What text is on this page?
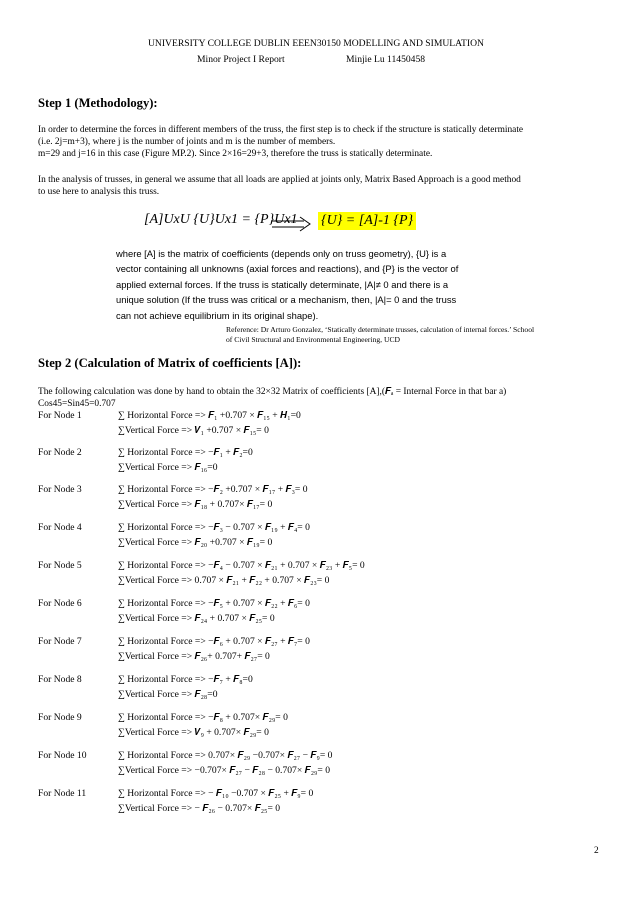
UNIVERSITY COLLEGE DUBLIN EEEN30150 MODELLING AND SIMULATION
Minor Project I Report	Minjie Lu 11450458
Step 1 (Methodology):
In order to determine the forces in different members of the truss, the first step is to check if the structure is statically determinate
(i.e. 2j=m+3), where j is the number of joints and m is the number of members.
m=29 and j=16 in this case (Figure MP.2). Since 2×16=29+3, therefore the truss is statically determinate.
In the analysis of trusses, in general we assume that all loads are applied at joints only, Matrix Based Approach is a good method
to use here to analysis this truss.
[A]UxU {U}Ux1 = {P}Ux1 {U} = [A]-1 {P}
where [A] is the matrix of coefficients (depends only on truss geometry), {U} is a
vector containing all unknowns (axial forces and reactions), and {P} is the vector of
applied external forces. If the truss is statically determinate, |A|≠ 0 and there is a
unique solution (If the truss was critical or a mechanism, then, |A|= 0 and the truss
can not achieve equilibrium in its original shape).
Reference: Dr Arturo Gonzalez, ‘Statically determinate trusses, calculation of internal forces.’ School
of Civil Structural and Environmental Engineering, UCD
Step 2 (Calculation of Matrix of coefficients [A]):
The following calculation was done by hand to obtain the 32×32 Matrix of coefficients [A],(𝑭ₐ = Internal Force in that bar a)
Cos45=Sin45=0.707
For Node 1	∑ Horizontal Force => 𝑭₁ +0.707 × 𝑭₁₅ + 𝑯₁=0
∑Vertical Force => 𝑽₁ +0.707 × 𝑭₁₅= 0
For Node 2	∑ Horizontal Force => −𝑭₁ + 𝑭₂=0
∑Vertical Force => 𝑭₁₆=0
For Node 3	∑ Horizontal Force => −𝑭₂ +0.707 × 𝑭₁₇ + 𝑭₃= 0
∑Vertical Force => 𝑭₁₈ + 0.707× 𝑭₁₇= 0
For Node 4	∑ Horizontal Force => −𝑭₃ − 0.707 × 𝑭₁₉ + 𝑭₄= 0
∑Vertical Force => 𝑭₂₀ +0.707 × 𝑭₁₉= 0
For Node 5	∑ Horizontal Force => −𝑭₄ − 0.707 × 𝑭₂₁ + 0.707 × 𝑭₂₃ + 𝑭₅= 0
∑Vertical Force => 0.707 × 𝑭₂₁ + 𝑭₂₂ + 0.707 × 𝑭₂₃= 0
For Node 6	∑ Horizontal Force => −𝑭₅ + 0.707 × 𝑭₂₂ + 𝑭₆= 0
∑Vertical Force => 𝑭₂₄ + 0.707 × 𝑭₂₅= 0
For Node 7	∑ Horizontal Force => −𝑭₆ + 0.707 × 𝑭₂₇ + 𝑭₇= 0
∑Vertical Force => 𝑭₂₆+ 0.707+ 𝑭₂₇= 0
For Node 8	∑ Horizontal Force => −𝑭₇ + 𝑭₈=0
∑Vertical Force => 𝑭₂₈=0
For Node 9	∑ Horizontal Force => −𝑭₈ + 0.707× 𝑭₂₉= 0
∑Vertical Force => 𝑽₉ + 0.707× 𝑭₂₉= 0
For Node 10	∑ Horizontal Force => 0.707× 𝑭₂₉ −0.707× 𝑭₂₇ − 𝑭₉= 0
∑Vertical Force => −0.707× 𝑭₂₇ − 𝑭₂₈ − 0.707× 𝑭₂₉= 0
For Node 11	∑ Horizontal Force => − 𝑭₁₀ −0.707 × 𝑭₂₅ + 𝑭₉= 0
∑Vertical Force => − 𝑭₂₆ − 0.707× 𝑭₂₅= 0
2
